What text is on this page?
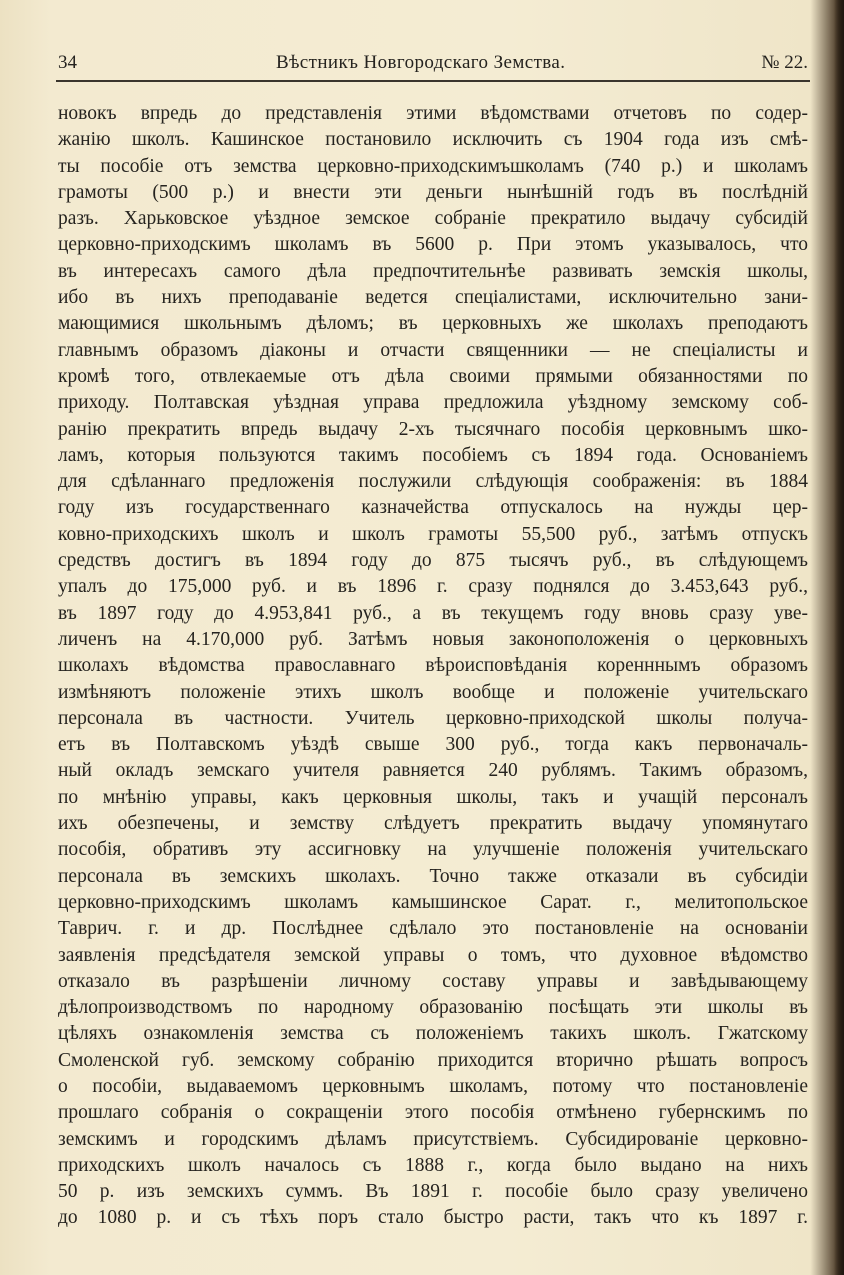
34	Вѣстникъ Новгородскаго Земства.	№ 22.
новокъ впредь до представленія этими вѣдомствами отчетовъ по содер-
жанію школъ. Кашинское постановило исключить съ 1904 года изъ смѣ-
ты пособіе отъ земства церковно-приходскимъшколамъ (740 р.) и школамъ
грамоты (500 р.) и внести эти деньги нынѣшній годъ въ послѣдній
разъ. Харьковское уѣздное земское собраніе прекратило выдачу субсидій
церковно-приходскимъ школамъ въ 5600 р. При этомъ указывалось, что
въ интересахъ самого дѣла предпочтительнѣе развивать земскія школы,
ибо въ нихъ преподаваніе ведется спеціалистами, исключительно зани-
мающимися школьнымъ дѣломъ; въ церковныхъ же школахъ преподаютъ
главнымъ образомъ діаконы и отчасти священники — не спеціалисты и
кромѣ того, отвлекаемые отъ дѣла своими прямыми обязанностями по
приходу. Полтавская уѣздная управа предложила уѣздному земскому соб-
ранію прекратить впредь выдачу 2-хъ тысячнаго пособія церковнымъ шко-
ламъ, которыя пользуются такимъ пособіемъ съ 1894 года. Основаніемъ
для сдѣланнаго предложенія послужили слѣдующія соображенія: въ 1884
году изъ государственнаго казначейства отпускалось на нужды цер-
ковно-приходскихъ школъ и школъ грамоты 55,500 руб., затѣмъ отпускъ
средствъ достигъ въ 1894 году до 875 тысячъ руб., въ слѣдующемъ
упалъ до 175,000 руб. и въ 1896 г. сразу поднялся до 3.453,643 руб.,
въ 1897 году до 4.953,841 руб., а въ текущемъ году вновь сразу уве-
личенъ на 4.170,000 руб. Затѣмъ новыя законоположенія о церковныхъ
школахъ вѣдомства православнаго вѣроисповѣданія коренннымъ образомъ
измѣняютъ положеніе этихъ школъ вообще и положеніе учительскаго
персонала въ частности. Учитель церковно-приходской школы получа-
етъ въ Полтавскомъ уѣздѣ свыше 300 руб., тогда какъ первоначаль-
ный окладъ земскаго учителя равняется 240 рублямъ. Такимъ образомъ,
по мнѣнію управы, какъ церковныя школы, такъ и учащій персоналъ
ихъ обезпечены, и земству слѣдуетъ прекратить выдачу упомянутаго
пособія, обративъ эту ассигновку на улучшеніе положенія учительскаго
персонала въ земскихъ школахъ. Точно также отказали въ субсидіи
церковно-приходскимъ школамъ камышинское Сарат. г., мелитопольское
Таврич. г. и др. Послѣднее сдѣлало это постановленіе на основаніи
заявленія предсѣдателя земской управы о томъ, что духовное вѣдомство
отказало въ разрѣшеніи личному составу управы и завѣдывающему
дѣлопроизводствомъ по народному образованію посѣщать эти школы въ
цѣляхъ ознакомленія земства съ положеніемъ такихъ школъ. Гжатскому
Смоленской губ. земскому собранію приходится вторично рѣшать вопросъ
о пособіи, выдаваемомъ церковнымъ школамъ, потому что постановленіе
прошлаго собранія о сокращеніи этого пособія отмѣнено губернскимъ по
земскимъ и городскимъ дѣламъ присутствіемъ. Субсидированіе церковно-
приходскихъ школъ началось съ 1888 г., когда было выдано на нихъ
50 р. изъ земскихъ суммъ. Въ 1891 г. пособіе было сразу увеличено
до 1080 р. и съ тѣхъ поръ стало быстро расти, такъ что къ 1897 г.
